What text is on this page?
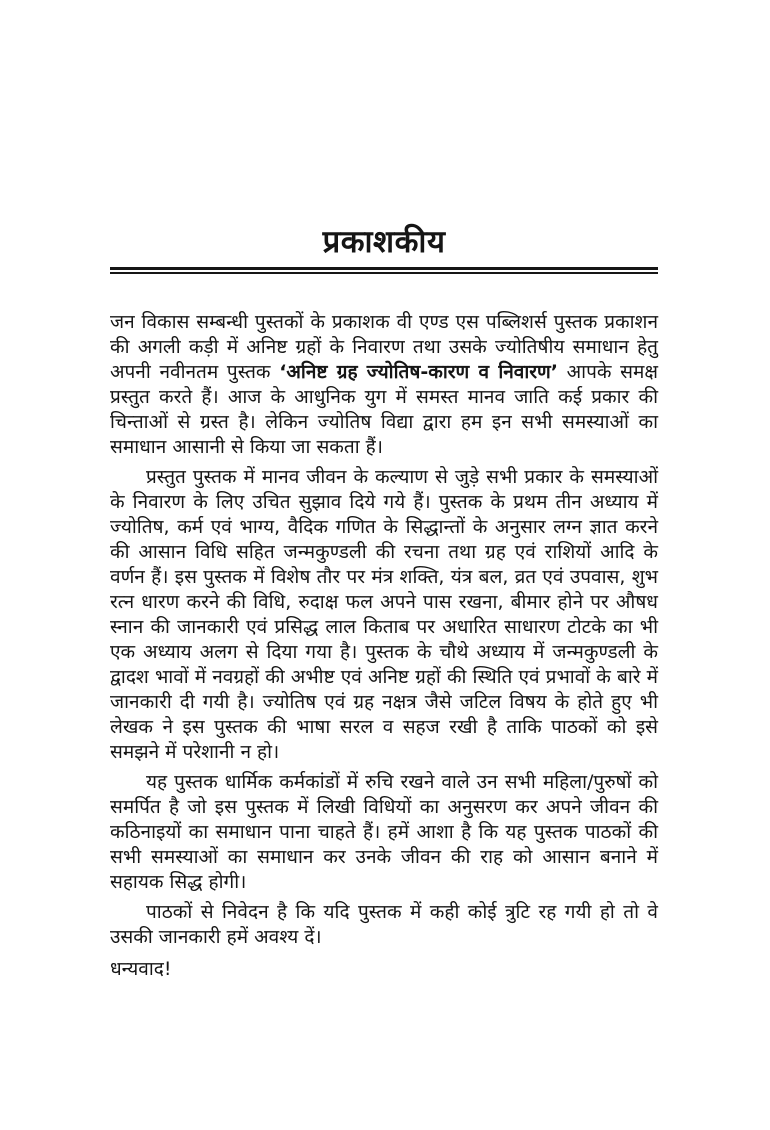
प्रकाशकीय

जन विकास सम्बन्धी पुस्तकों के प्रकाशक वी एण्ड एस पब्लिशर्स पुस्तक प्रकाशन की अगली कड़ी में अनिष्ट ग्रहों के निवारण तथा उसके ज्योतिषीय समाधान हेतु अपनी नवीनतम पुस्तक ‘अनिष्ट ग्रह ज्योतिष-कारण व निवारण’ आपके समक्ष प्रस्तुत करते हैं। आज के आधुनिक युग में समस्त मानव जाति कई प्रकार की चिन्ताओं से ग्रस्त है। लेकिन ज्योतिष विद्या द्वारा हम इन सभी समस्याओं का समाधान आसानी से किया जा सकता हैं।

प्रस्तुत पुस्तक में मानव जीवन के कल्याण से जुड़े सभी प्रकार के समस्याओं के निवारण के लिए उचित सुझाव दिये गये हैं। पुस्तक के प्रथम तीन अध्याय में ज्योतिष, कर्म एवं भाग्य, वैदिक गणित के सिद्धान्तों के अनुसार लग्न ज्ञात करने की आसान विधि सहित जन्मकुण्डली की रचना तथा ग्रह एवं राशियों आदि के वर्णन हैं। इस पुस्तक में विशेष तौर पर मंत्र शक्ति, यंत्र बल, व्रत एवं उपवास, शुभ रत्न धारण करने की विधि, रुदाक्ष फल अपने पास रखना, बीमार होने पर औषध स्नान की जानकारी एवं प्रसिद्ध लाल किताब पर अधारित साधारण टोटके का भी एक अध्याय अलग से दिया गया है। पुस्तक के चौथे अध्याय में जन्मकुण्डली के द्वादश भावों में नवग्रहों की अभीष्ट एवं अनिष्ट ग्रहों की स्थिति एवं प्रभावों के बारे में जानकारी दी गयी है। ज्योतिष एवं ग्रह नक्षत्र जैसे जटिल विषय के होते हुए भी लेखक ने इस पुस्तक की भाषा सरल व सहज रखी है ताकि पाठकों को इसे समझने में परेशानी न हो।

यह पुस्तक धार्मिक कर्मकांडों में रुचि रखने वाले उन सभी महिला/पुरुषों को समर्पित है जो इस पुस्तक में लिखी विधियों का अनुसरण कर अपने जीवन की कठिनाइयों का समाधान पाना चाहते हैं। हमें आशा है कि यह पुस्तक पाठकों की सभी समस्याओं का समाधान कर उनके जीवन की राह को आसान बनाने में सहायक सिद्ध होगी।

पाठकों से निवेदन है कि यदि पुस्तक में कही कोई त्रुटि रह गयी हो तो वे उसकी जानकारी हमें अवश्य दें।

धन्यवाद!
